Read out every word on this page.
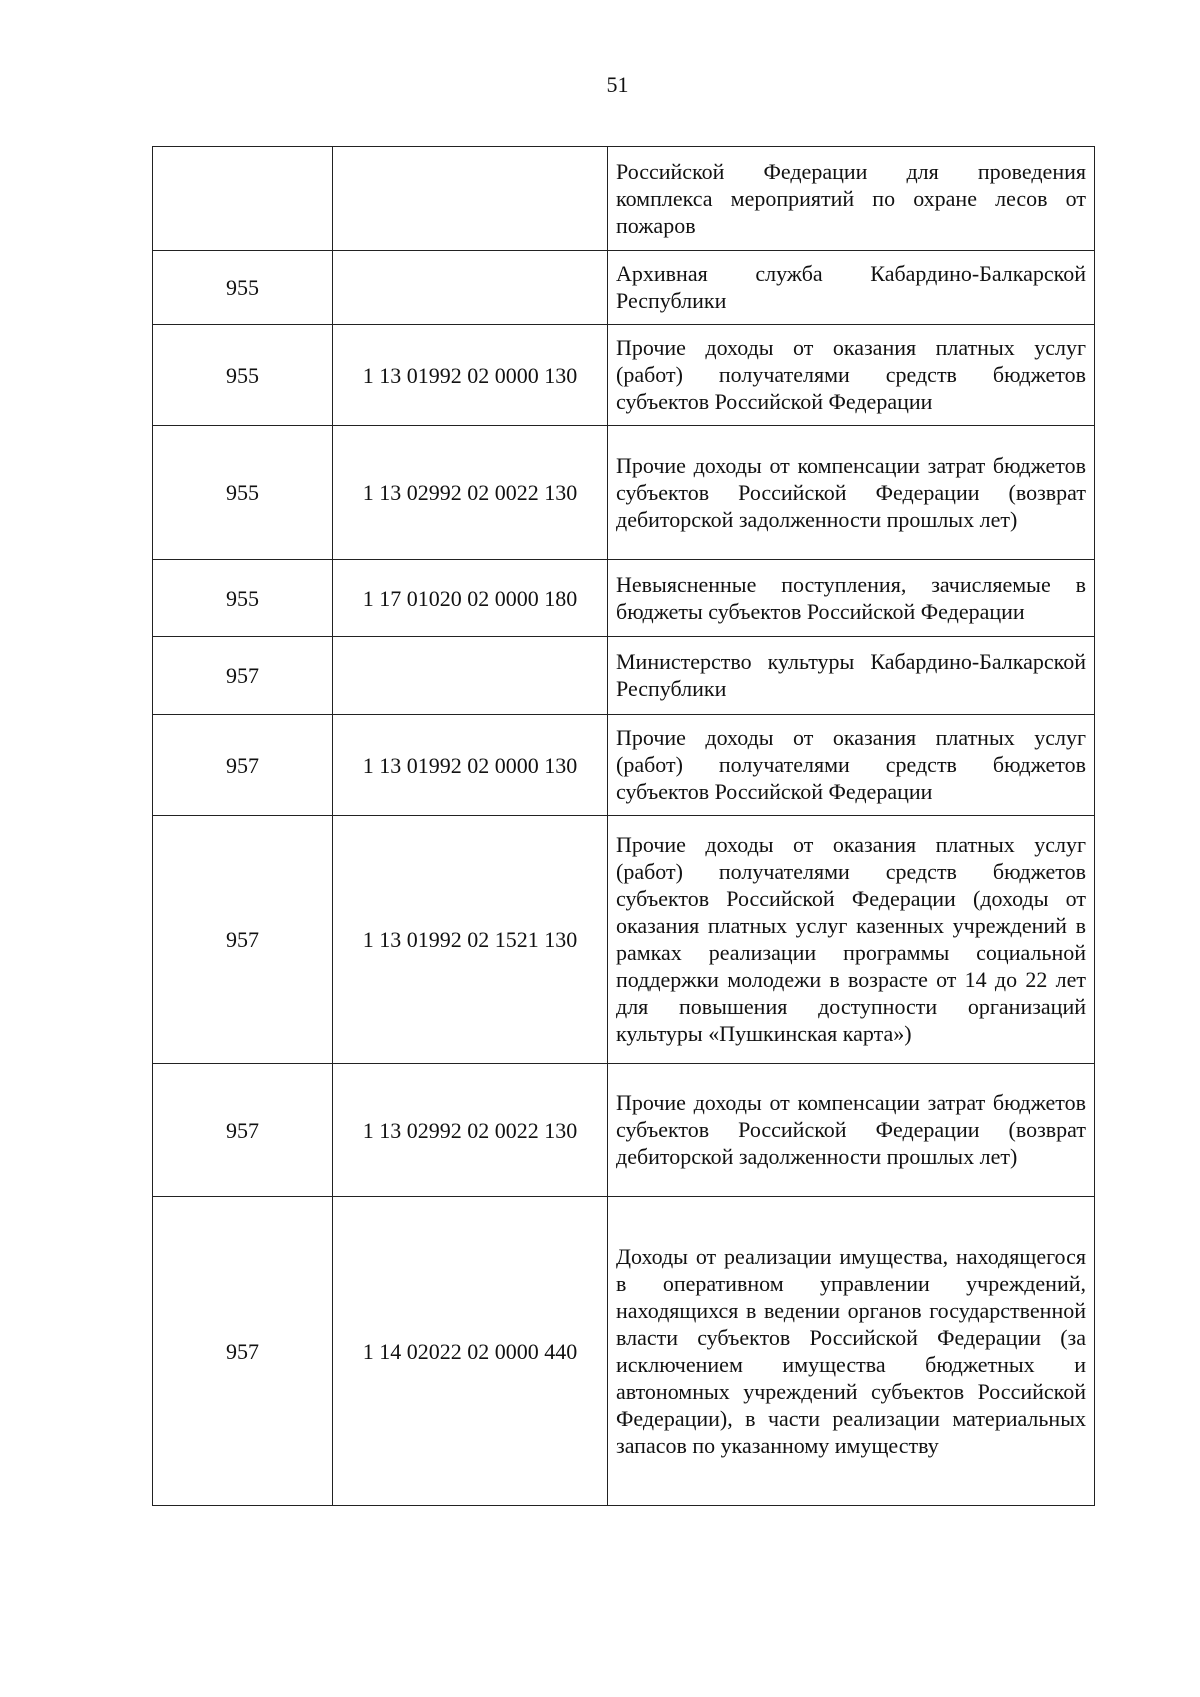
51
		Российской Федерации для проведения комплекса мероприятий по охране лесов от пожаров
955		Архивная служба Кабардино-Балкарской Республики
955	1 13 01992 02 0000 130	Прочие доходы от оказания платных услуг (работ) получателями средств бюджетов субъектов Российской Федерации
955	1 13 02992 02 0022 130	Прочие доходы от компенсации затрат бюджетов субъектов Российской Федерации (возврат дебиторской задолженности прошлых лет)
955	1 17 01020 02 0000 180	Невыясненные поступления, зачисляемые в бюджеты субъектов Российской Федерации
957		Министерство культуры Кабардино-Балкарской Республики
957	1 13 01992 02 0000 130	Прочие доходы от оказания платных услуг (работ) получателями средств бюджетов субъектов Российской Федерации
957	1 13 01992 02 1521 130	Прочие доходы от оказания платных услуг (работ) получателями средств бюджетов субъектов Российской Федерации (доходы от оказания платных услуг казенных учреждений в рамках реализации программы социальной поддержки молодежи в возрасте от 14 до 22 лет для повышения доступности организаций культуры «Пушкинская карта»)
957	1 13 02992 02 0022 130	Прочие доходы от компенсации затрат бюджетов субъектов Российской Федерации (возврат дебиторской задолженности прошлых лет)
957	1 14 02022 02 0000 440	Доходы от реализации имущества, находящегося в оперативном управлении учреждений, находящихся в ведении органов государственной власти субъектов Российской Федерации (за исключением имущества бюджетных и автономных учреждений субъектов Российской Федерации), в части реализации материальных запасов по указанному имуществу
